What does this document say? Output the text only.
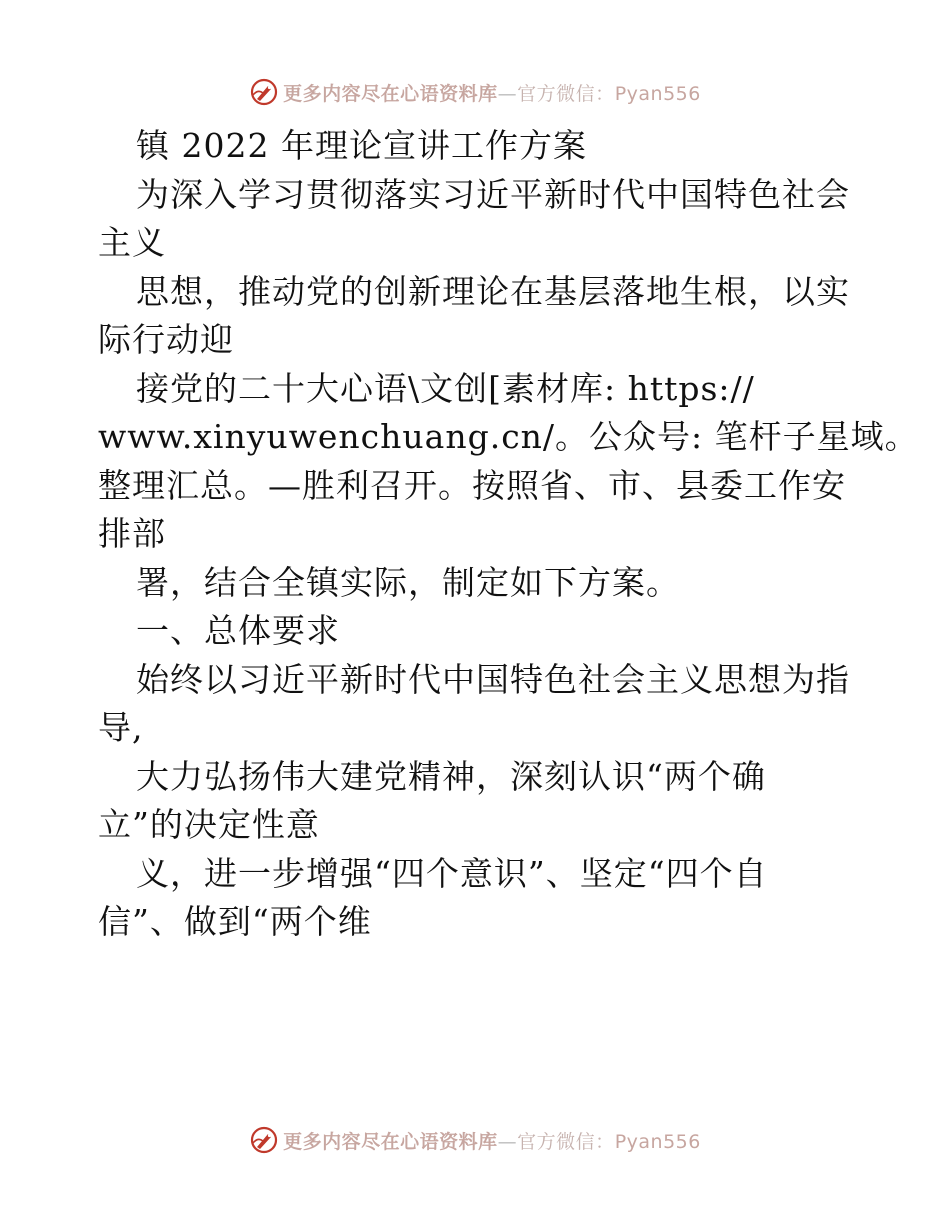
更多内容尽在心语资料库—官方微信：Pyan556
镇 2022 年理论宣讲工作方案
为深入学习贯彻落实习近平新时代中国特色社会
主义
思想，推动党的创新理论在基层落地生根，以实
际行动迎
接党的二十大心语\文创[素材库: https://
www.xinyuwenchuang.cn/。公众号: 笔杆子星域。
整理汇总。—胜利召开。按照省、市、县委工作安
排部
署，结合全镇实际，制定如下方案。
一、总体要求
始终以习近平新时代中国特色社会主义思想为指
导,
大力弘扬伟大建党精神，深刻认识“两个确
立”的决定性意
义，进一步增强“四个意识”、坚定“四个自
信”、做到“两个维
更多内容尽在心语资料库—官方微信：Pyan556
